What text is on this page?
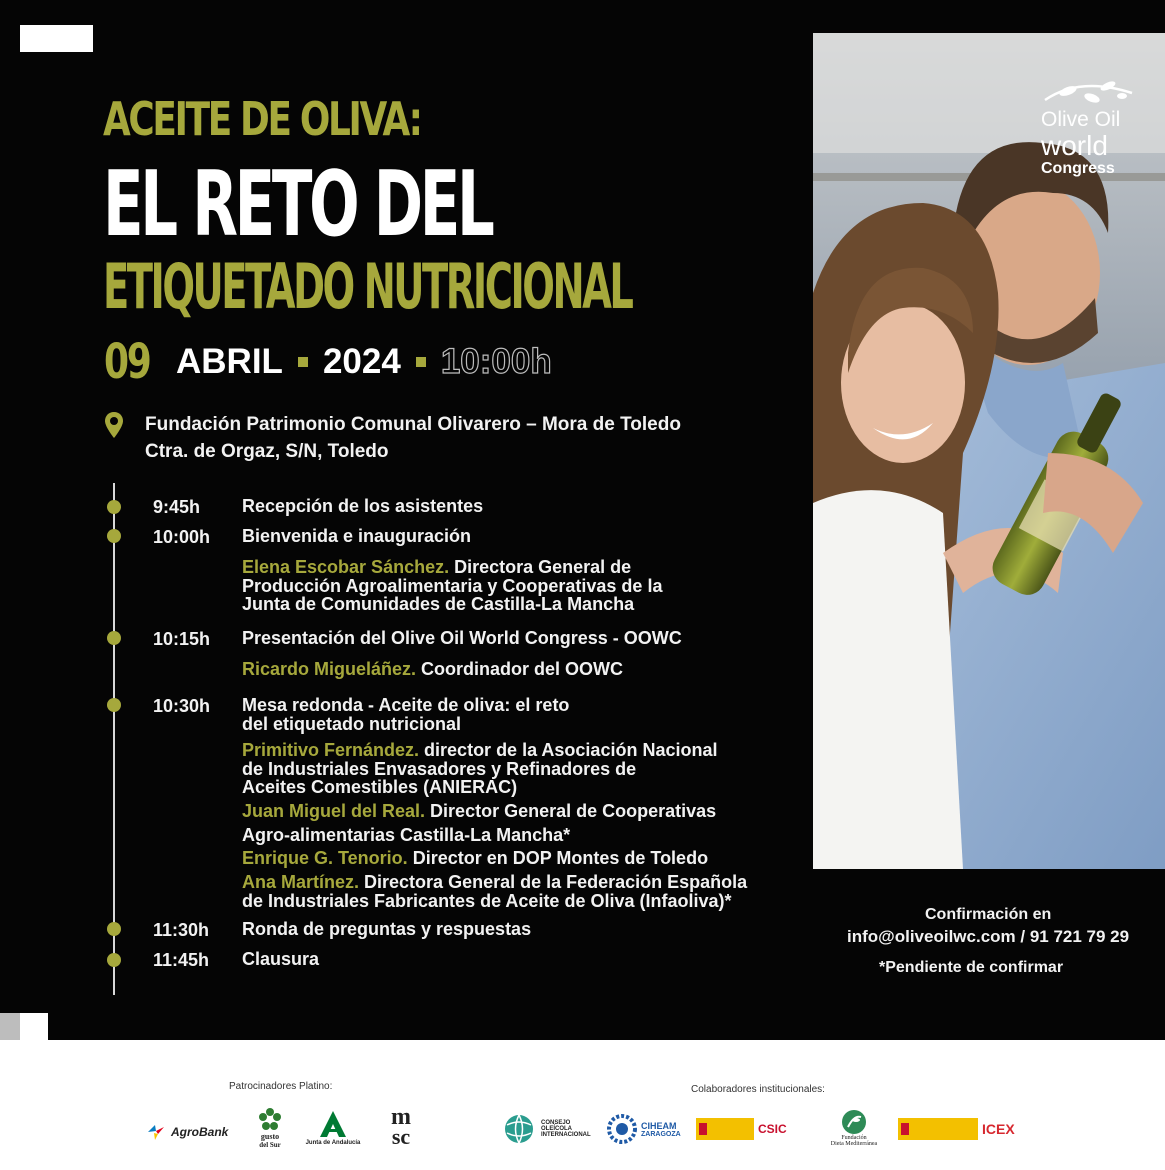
ACEITE DE OLIVA:
EL RETO DEL
ETIQUETADO NUTRICIONAL
09 ABRIL 2024 10:00h
Fundación Patrimonio Comunal Olivarero – Mora de Toledo
Ctra. de Orgaz, S/N, Toledo
9:45h Recepción de los asistentes
10:00h Bienvenida e inauguración
Elena Escobar Sánchez. Directora General de
Producción Agroalimentaria y Cooperativas de la
Junta de Comunidades de Castilla-La Mancha
10:15h Presentación del Olive Oil World Congress - OOWC
Ricardo Migueláñez. Coordinador del OOWC
10:30h Mesa redonda - Aceite de oliva: el reto
del etiquetado nutricional
Primitivo Fernández. director de la Asociación Nacional
de Industriales Envasadores y Refinadores de
Aceites Comestibles (ANIERAC)
Juan Miguel del Real. Director General de Cooperativas
Agro-alimentarias Castilla-La Mancha*
Enrique G. Tenorio. Director en DOP Montes de Toledo
Ana Martínez. Directora General de la Federación Española
de Industriales Fabricantes de Aceite de Oliva (Infaoliva)*
11:30h Ronda de preguntas y respuestas
11:45h Clausura
Olive Oil
world
Congress
Confirmación en
info@oliveoilwc.com / 91 721 79 29
*Pendiente de confirmar
Patrocinadores Platino:	Colaboradores institucionales:
AgroBank	gusto
del Sur	Junta de Andalucía
m
sc
CONSEJO
OLEÍCOLA
INTERNACIONAL
CIHEAM
ZARAGOZA	CSIC
Fundación
Dieta Mediterránea
ICEX
